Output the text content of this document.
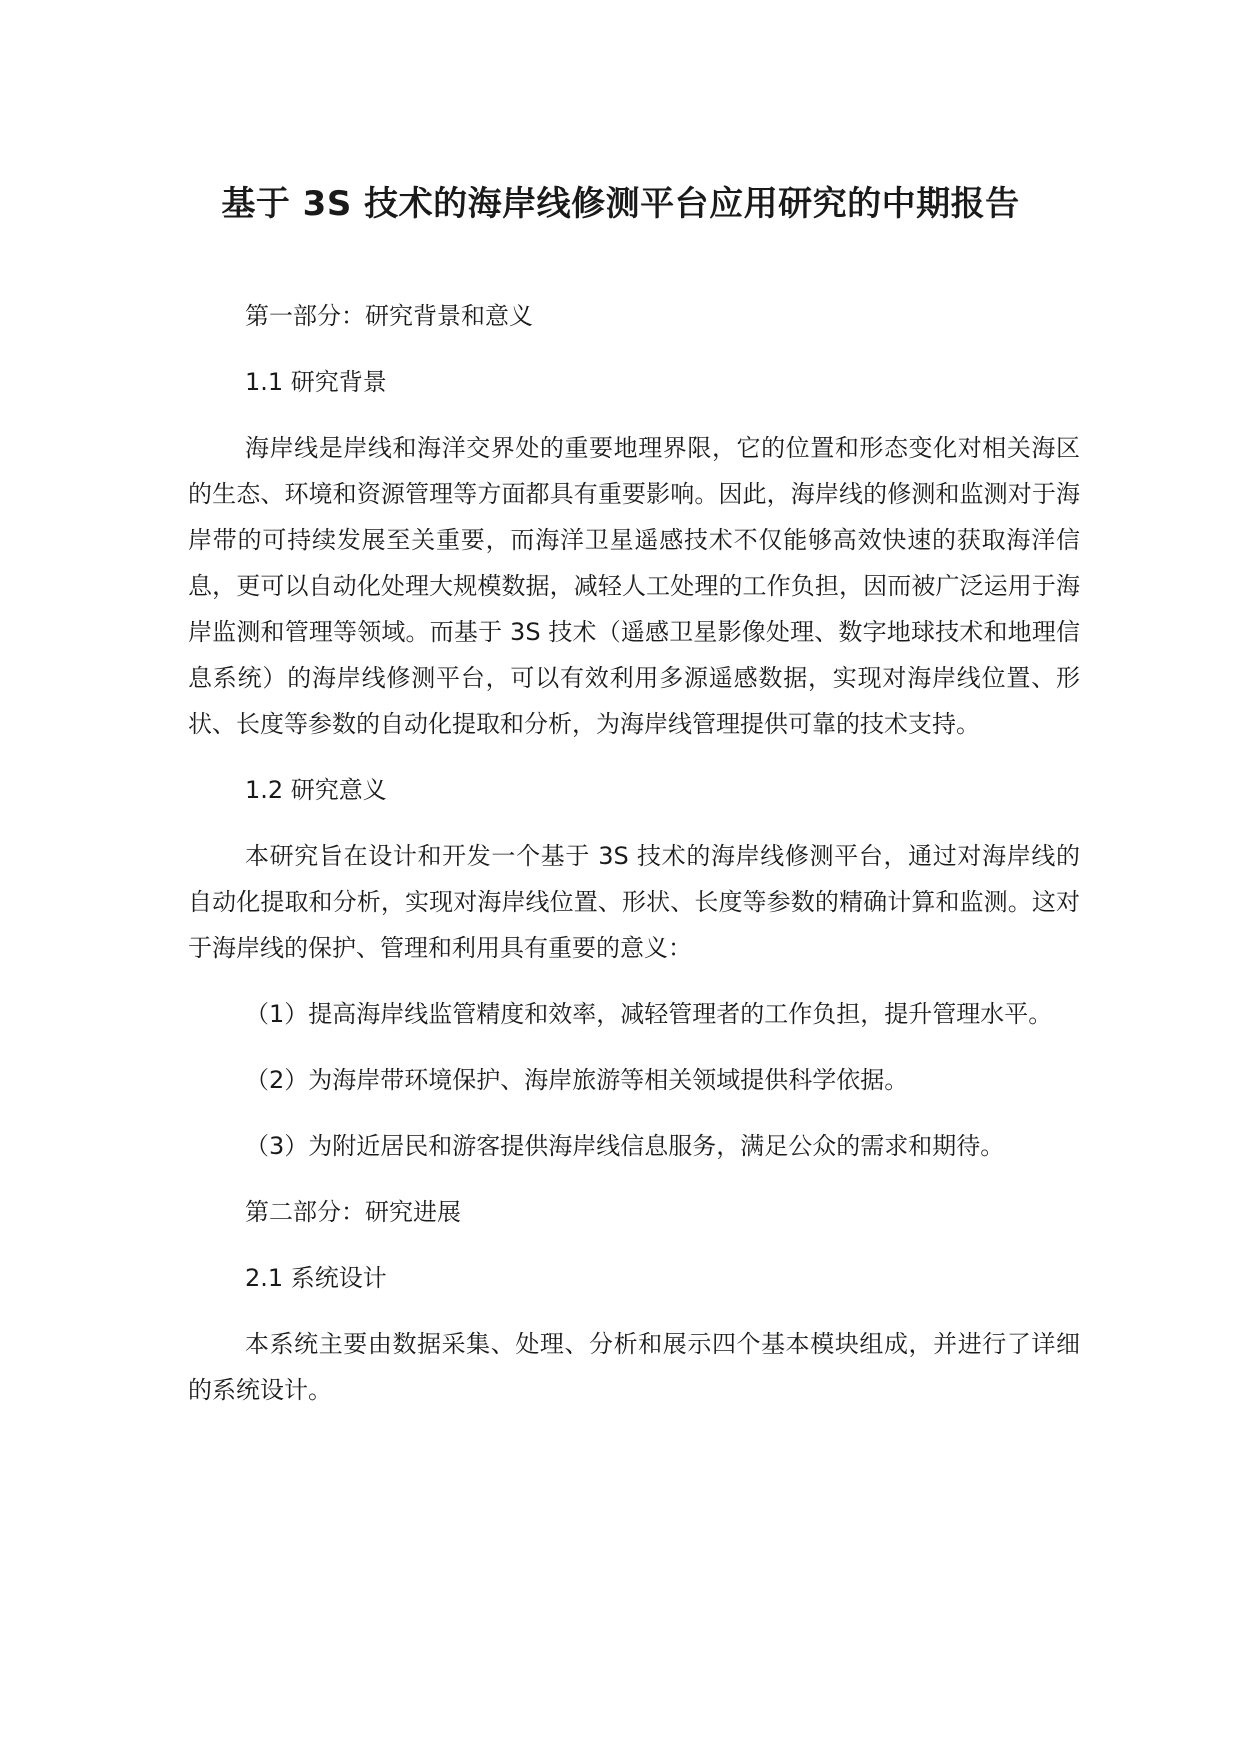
基于 3S 技术的海岸线修测平台应用研究的中期报告

第一部分：研究背景和意义

1.1 研究背景

海岸线是岸线和海洋交界处的重要地理界限，它的位置和形态变化对相关海区的生态、环境和资源管理等方面都具有重要影响。因此，海岸线的修测和监测对于海岸带的可持续发展至关重要，而海洋卫星遥感技术不仅能够高效快速的获取海洋信息，更可以自动化处理大规模数据，减轻人工处理的工作负担，因而被广泛运用于海岸监测和管理等领域。而基于 3S 技术（遥感卫星影像处理、数字地球技术和地理信息系统）的海岸线修测平台，可以有效利用多源遥感数据，实现对海岸线位置、形状、长度等参数的自动化提取和分析，为海岸线管理提供可靠的技术支持。

1.2 研究意义

本研究旨在设计和开发一个基于 3S 技术的海岸线修测平台，通过对海岸线的自动化提取和分析，实现对海岸线位置、形状、长度等参数的精确计算和监测。这对于海岸线的保护、管理和利用具有重要的意义：

（1）提高海岸线监管精度和效率，减轻管理者的工作负担，提升管理水平。

（2）为海岸带环境保护、海岸旅游等相关领域提供科学依据。

（3）为附近居民和游客提供海岸线信息服务，满足公众的需求和期待。

第二部分：研究进展

2.1 系统设计

本系统主要由数据采集、处理、分析和展示四个基本模块组成，并进行了详细的系统设计。
